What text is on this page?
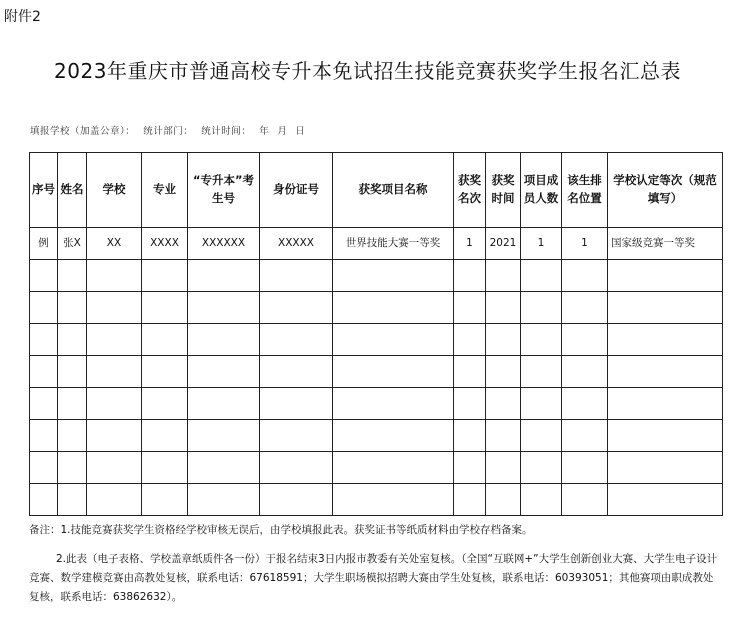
附件2
2023年重庆市普通高校专升本免试招生技能竞赛获奖学生报名汇总表
填报学校（加盖公章）： 统计部门： 统计时间： 年 月 日
序号	姓名	学校	专业	“专升本”考生号	身份证号	获奖项目名称	获奖名次	获奖时间	项目成员人数	该生排名位置	学校认定等次（规范填写）
例	张X	XX	XXXX	XXXXXX	XXXXX	世界技能大赛一等奖	1	2021	1	1	国家级竞赛一等奖

备注：1.技能竞赛获奖学生资格经学校审核无误后，由学校填报此表。获奖证书等纸质材料由学校存档备案。

2.此表（电子表格、学校盖章纸质件各一份）于报名结束3日内报市教委有关处室复核。（全国“互联网+”大学生创新创业大赛、大学生电子设计竞赛、数学建模竞赛由高教处复核，联系电话：67618591；大学生职场模拟招聘大赛由学生处复核，联系电话：60393051；其他赛项由职成教处复核，联系电话：63862632）。
